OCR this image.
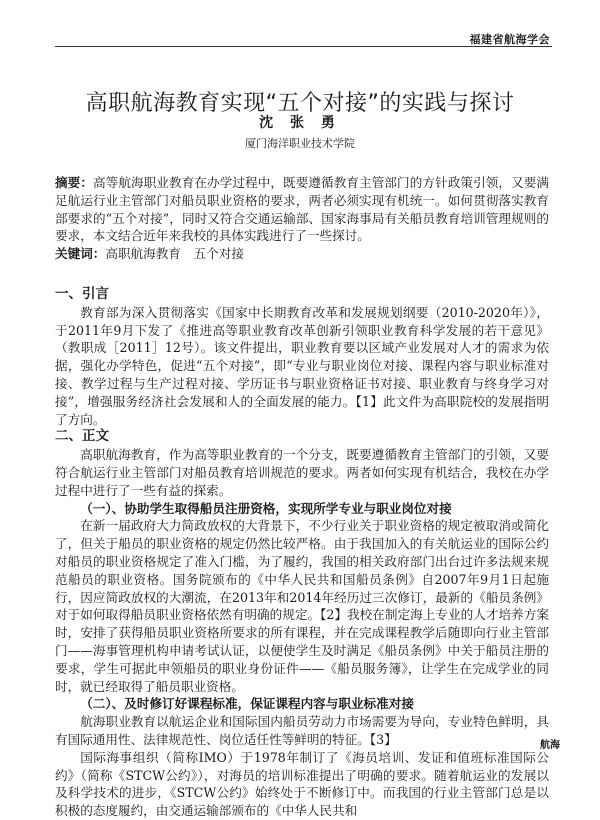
福建省航海学会
高职航海教育实现“五个对接”的实践与探讨
沈 张 勇
厦门海洋职业技术学院

摘要：高等航海职业教育在办学过程中，既要遵循教育主管部门的方针政策引领，又要满足航运行业主管部门对船员职业资格的要求，两者必须实现有机统一。如何贯彻落实教育部要求的“五个对接”，同时又符合交通运输部、国家海事局有关船员教育培训管理规则的要求，本文结合近年来我校的具体实践进行了一些探讨。

关键词：高职航海教育　五个对接

一、引言

教育部为深入贯彻落实《国家中长期教育改革和发展规划纲要（2010-2020年）》，于2011年9月下发了《推进高等职业教育改革创新引领职业教育科学发展的若干意见》（教职成［2011］12号）。该文件提出，职业教育要以区域产业发展对人才的需求为依据，强化办学特色，促进“五个对接”，即“专业与职业岗位对接、课程内容与职业标准对接、教学过程与生产过程对接、学历证书与职业资格证书对接、职业教育与终身学习对接”，增强服务经济社会发展和人的全面发展的能力。【1】此文件为高职院校的发展指明了方向。

二、正文

高职航海教育，作为高等职业教育的一个分支，既要遵循教育主管部门的引领，又要符合航运行业主管部门对船员教育培训规范的要求。两者如何实现有机结合，我校在办学过程中进行了一些有益的探索。

（一）、协助学生取得船员注册资格，实现所学专业与职业岗位对接

在新一届政府大力简政放权的大背景下，不少行业关于职业资格的规定被取消或简化了，但关于船员的职业资格的规定仍然比较严格。由于我国加入的有关航运业的国际公约对船员的职业资格规定了准入门槛，为了履约，我国的相关政府部门出台过许多法规来规范船员的职业资格。国务院颁布的《中华人民共和国船员条例》自2007年9月1日起施行，因应简政放权的大潮流，在2013年和2014年经历过三次修订，最新的《船员条例》对于如何取得船员职业资格依然有明确的规定。【2】我校在制定海上专业的人才培养方案时，安排了获得船员职业资格所要求的所有课程，并在完成课程教学后随即向行业主管部门——海事管理机构申请考试认证，以便使学生及时满足《船员条例》中关于船员注册的要求，学生可据此申领船员的职业身份证件——《船员服务簿》，让学生在完成学业的同时，就已经取得了船员职业资格。

（二）、及时修订好课程标准，保证课程内容与职业标准对接

航海职业教育以航运企业和国际国内船员劳动力市场需要为导向，专业特色鲜明，具有国际通用性、法律规范性、岗位适任性等鲜明的特征。【3】

国际海事组织（简称IMO）于1978年制订了《海员培训、发证和值班标准国际公约》（简称《STCW公约》），对海员的培训标准提出了明确的要求。随着航运业的发展以及科学技术的进步，《STCW公约》始终处于不断修订中。而我国的行业主管部门总是以积极的态度履约，由交通运输部颁布的《中华人民共和

航海
